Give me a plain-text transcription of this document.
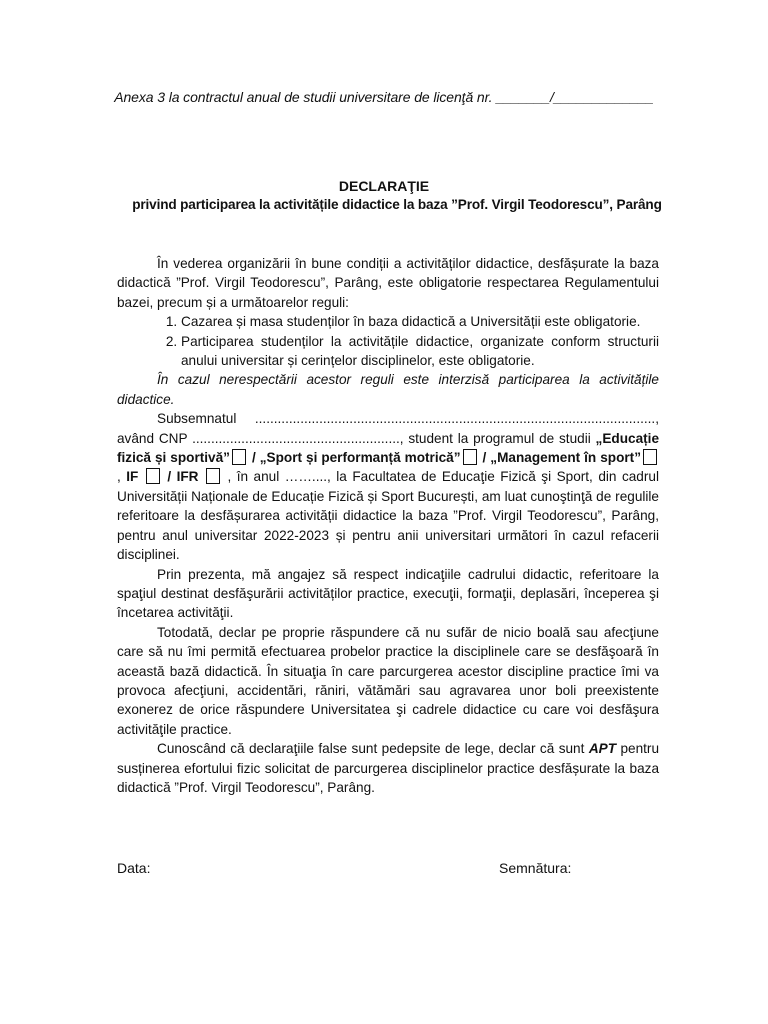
Anexa 3 la contractul anual de studii universitare de licenţă nr. _______/_____________
DECLARAŢIE
privind participarea la activitățile didactice la baza ”Prof. Virgil Teodorescu”, Parâng

În vederea organizării în bune condiții a activităților didactice, desfășurate la baza didactică ”Prof. Virgil Teodorescu”, Parâng, este obligatorie respectarea Regulamentului bazei, precum și a următoarelor reguli:

1. Cazarea și masa studenților în baza didactică a Universității este obligatorie.
2. Participarea studenților la activitățile didactice, organizate conform structurii anului universitar și cerințelor disciplinelor, este obligatorie.

În cazul nerespectării acestor reguli este interzisă participarea la activitățile didactice.

Subsemnatul .........................................................................................................., având CNP ......................................................., student la programul de studii „Educație fizică și sportivă” / „Sport și performanță motrică” / „Management în sport” , IF / IFR , în anul ……...., la Facultatea de Educaţie Fizică şi Sport, din cadrul Universității Naționale de Educație Fizică și Sport București, am luat cunoştinţă de regulile referitoare la desfășurarea activității didactice la baza ”Prof. Virgil Teodorescu”, Parâng, pentru anul universitar 2022-2023 și pentru anii universitari următori în cazul refacerii disciplinei.

Prin prezenta, mă angajez să respect indicaţiile cadrului didactic, referitoare la spaţiul destinat desfăşurării activităților practice, execuţii, formaţii, deplasări, începerea şi încetarea activităţii.

Totodată, declar pe proprie răspundere că nu sufăr de nicio boală sau afecţiune care să nu îmi permită efectuarea probelor practice la disciplinele care se desfăşoară în această bază didactică. În situaţia în care parcurgerea acestor discipline practice îmi va provoca afecţiuni, accidentări, răniri, vătămări sau agravarea unor boli preexistente exonerez de orice răspundere Universitatea şi cadrele didactice cu care voi desfăşura activităţile practice.

Cunoscând că declaraţiile false sunt pedepsite de lege, declar că sunt APT pentru susținerea efortului fizic solicitat de parcurgerea disciplinelor practice desfășurate la baza didactică ”Prof. Virgil Teodorescu”, Parâng.

Data:	Semnătura:
